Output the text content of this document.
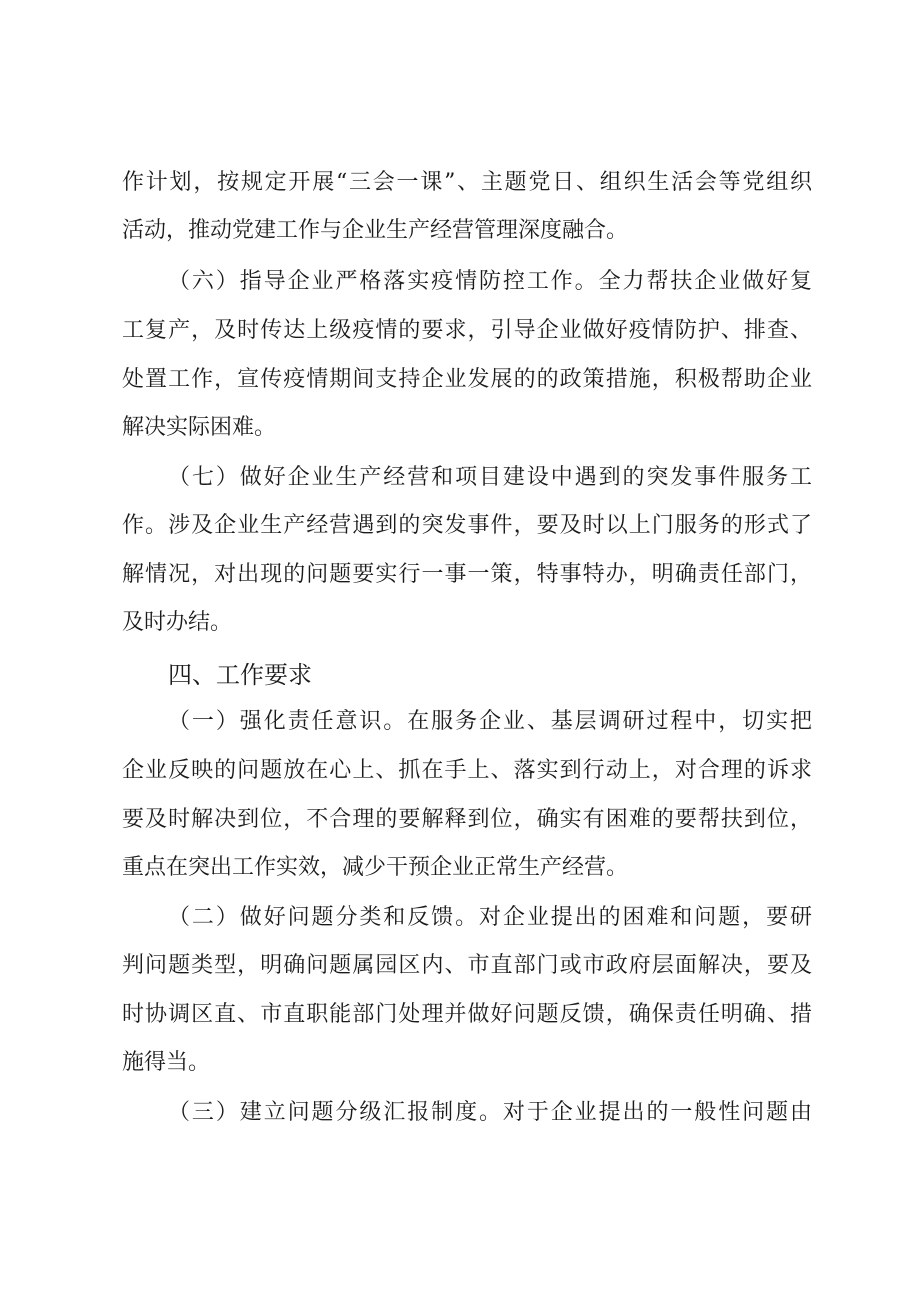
作计划，按规定开展“三会一课”、主题党日、组织生活会等党组织
活动，推动党建工作与企业生产经营管理深度融合。
（六）指导企业严格落实疫情防控工作。全力帮扶企业做好复
工复产，及时传达上级疫情的要求，引导企业做好疫情防护、排查、
处置工作，宣传疫情期间支持企业发展的的政策措施，积极帮助企业
解决实际困难。
（七）做好企业生产经营和项目建设中遇到的突发事件服务工
作。涉及企业生产经营遇到的突发事件，要及时以上门服务的形式了
解情况，对出现的问题要实行一事一策，特事特办，明确责任部门，
及时办结。
四、工作要求
（一）强化责任意识。在服务企业、基层调研过程中，切实把
企业反映的问题放在心上、抓在手上、落实到行动上，对合理的诉求
要及时解决到位，不合理的要解释到位，确实有困难的要帮扶到位，
重点在突出工作实效，减少干预企业正常生产经营。
（二）做好问题分类和反馈。对企业提出的困难和问题，要研
判问题类型，明确问题属园区内、市直部门或市政府层面解决，要及
时协调区直、市直职能部门处理并做好问题反馈，确保责任明确、措
施得当。
（三）建立问题分级汇报制度。对于企业提出的一般性问题由
